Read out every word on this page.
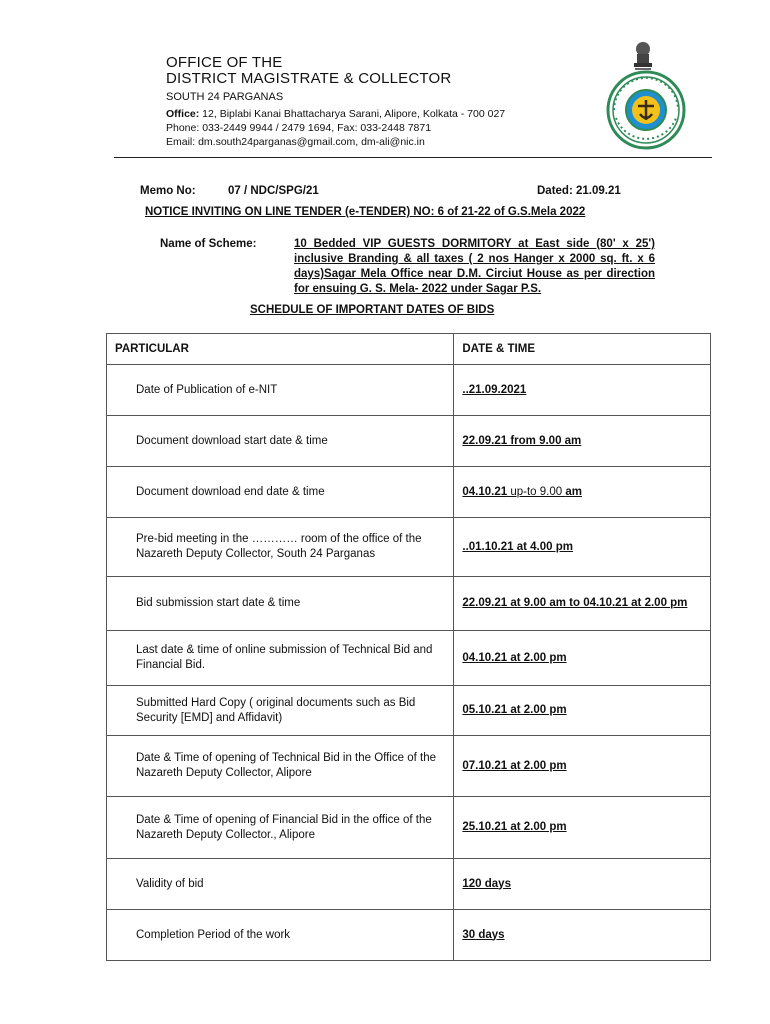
OFFICE OF THE
DISTRICT MAGISTRATE & COLLECTOR
SOUTH 24 PARGANAS
Office: 12, Biplabi Kanai Bhattacharya Sarani, Alipore, Kolkata - 700 027
Phone: 033-2449 9944 / 2479 1694, Fax: 033-2448 7871
Email: dm.south24parganas@gmail.com, dm-ali@nic.in
Memo No:	07 / NDC/SPG/21	Dated: 21.09.21
NOTICE INVITING ON LINE TENDER (e-TENDER) NO: 6 of 21-22 of G.S.Mela 2022
Name of Scheme:	10 Bedded VIP GUESTS DORMITORY at East side (80' x 25') inclusive Branding & all taxes ( 2 nos Hanger x 2000 sq. ft. x 6 days)Sagar Mela Office near D.M. Circiut House as per direction for ensuing G. S. Mela- 2022 under Sagar P.S.
SCHEDULE OF IMPORTANT DATES OF BIDS
PARTICULAR	DATE & TIME
Date of Publication of e-NIT	..21.09.2021
Document download start date & time	22.09.21 from 9.00 am
Document download end date & time	04.10.21 up-to 9.00 am
Pre-bid meeting in the ………… room of the office of the Nazareth Deputy Collector, South 24 Parganas	..01.10.21 at 4.00 pm
Bid submission start date & time	22.09.21 at 9.00 am to 04.10.21 at 2.00 pm
Last date & time of online submission of Technical Bid and Financial Bid.	04.10.21 at 2.00 pm
Submitted Hard Copy ( original documents such as Bid Security [EMD] and Affidavit)	05.10.21 at 2.00 pm
Date & Time of opening of Technical Bid in the Office of the Nazareth Deputy Collector, Alipore	07.10.21 at 2.00 pm
Date & Time of opening of Financial Bid in the office of the Nazareth Deputy Collector., Alipore	25.10.21 at 2.00 pm
Validity of bid	120 days
Completion Period of the work	30 days
